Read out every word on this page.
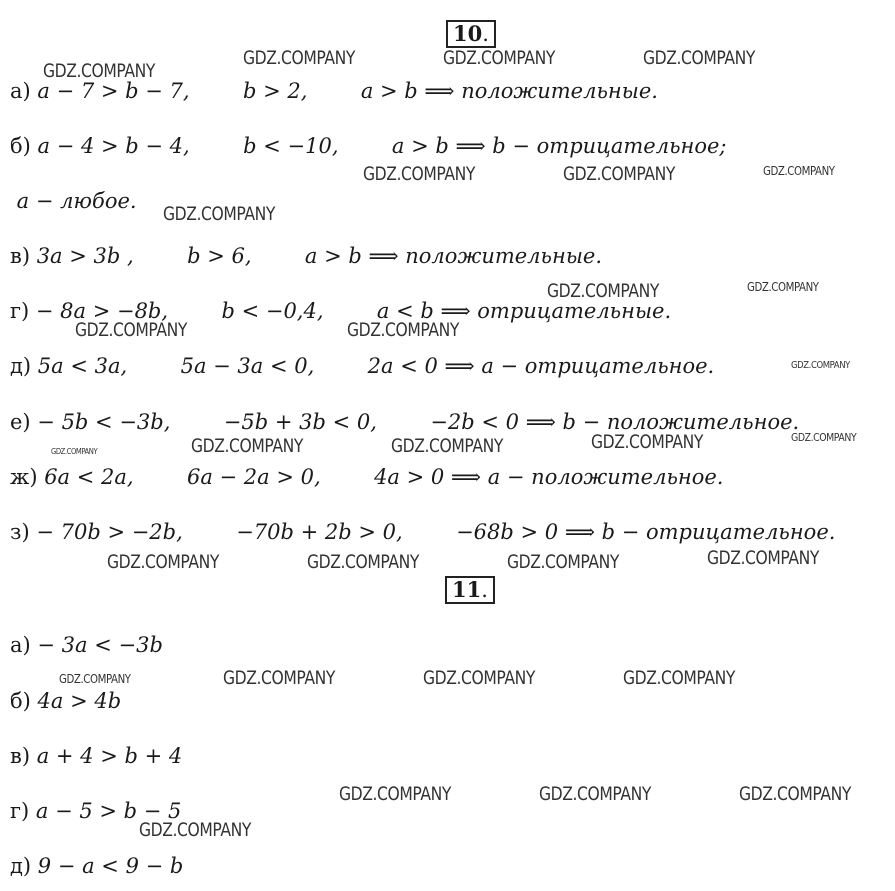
10.
а) a − 7 > b − 7,        b > 2,        a > b ⟹ положительные.
б) a − 4 > b − 4,        b < −10,        a > b ⟹ b − отрицательное;
a − любое.
в) 3a > 3b ,        b > 6,        a > b ⟹ положительные.
г) − 8a > −8b,        b < −0,4,        a < b ⟹ отрицательные.
д) 5a < 3a,        5a − 3a < 0,        2a < 0 ⟹ a − отрицательное.
е) − 5b < −3b,        −5b + 3b < 0,        −2b < 0 ⟹ b − положительное.
ж) 6a < 2a,        6a − 2a > 0,        4a > 0 ⟹ a − положительное.
з) − 70b > −2b,        −70b + 2b > 0,        −68b > 0 ⟹ b − отрицательное.
11.
а) − 3a < −3b
б) 4a > 4b
в) a + 4 > b + 4
г) a − 5 > b − 5
д) 9 − a < 9 − b
GDZ.COMPANY
GDZ.COMPANY	GDZ.COMPANY	GDZ.COMPANY
GDZ.COMPANY	GDZ.COMPANY	GDZ.COMPANY
GDZ.COMPANY
GDZ.COMPANY	GDZ.COMPANY
GDZ.COMPANY	GDZ.COMPANY
GDZ.COMPANY
GDZ.COMPANY	GDZ.COMPANY	GDZ.COMPANY	GDZ.COMPANY
GDZ.COMPANY
GDZ.COMPANY	GDZ.COMPANY	GDZ.COMPANY	GDZ.COMPANY
GDZ.COMPANY	GDZ.COMPANY	GDZ.COMPANY	GDZ.COMPANY
GDZ.COMPANY	GDZ.COMPANY	GDZ.COMPANY
GDZ.COMPANY
